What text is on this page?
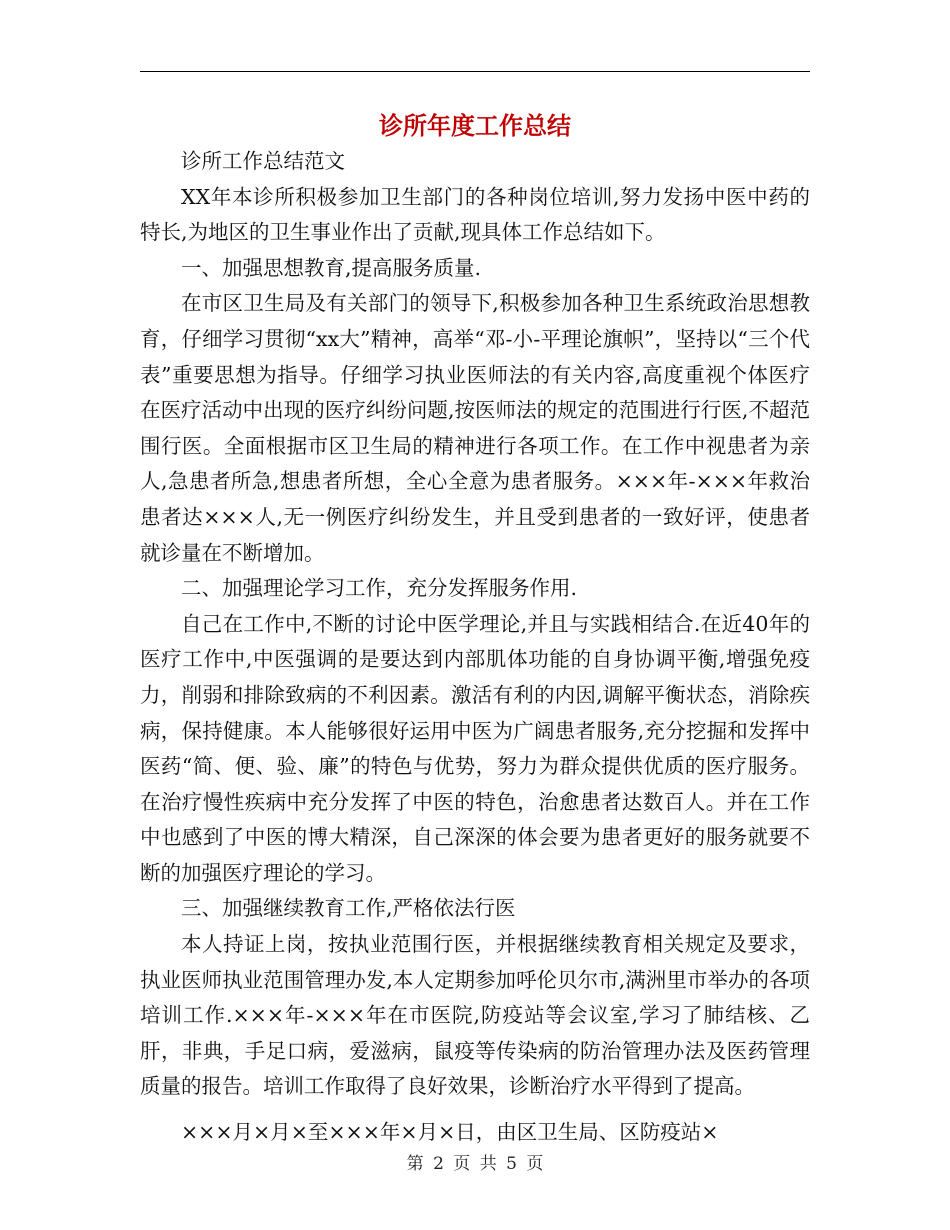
诊所年度工作总结

诊所工作总结范文

XX年本诊所积极参加卫生部门的各种岗位培训,努力发扬中医中药的特长,为地区的卫生事业作出了贡献,现具体工作总结如下。

一、加强思想教育,提高服务质量.

在市区卫生局及有关部门的领导下,积极参加各种卫生系统政治思想教育，仔细学习贯彻“xx大”精神，高举“邓-小-平理论旗帜”，坚持以“三个代表”重要思想为指导。仔细学习执业医师法的有关内容,高度重视个体医疗在医疗活动中出现的医疗纠纷问题,按医师法的规定的范围进行行医,不超范围行医。全面根据市区卫生局的精神进行各项工作。在工作中视患者为亲人,急患者所急,想患者所想，全心全意为患者服务。×××年-×××年救治患者达×××人,无一例医疗纠纷发生，并且受到患者的一致好评，使患者就诊量在不断增加。

二、加强理论学习工作，充分发挥服务作用.

自己在工作中,不断的讨论中医学理论,并且与实践相结合.在近40年的医疗工作中,中医强调的是要达到内部肌体功能的自身协调平衡,增强免疫力，削弱和排除致病的不利因素。激活有利的内因,调解平衡状态，消除疾病，保持健康。本人能够很好运用中医为广阔患者服务,充分挖掘和发挥中医药“简、便、验、廉”的特色与优势，努力为群众提供优质的医疗服务。在治疗慢性疾病中充分发挥了中医的特色，治愈患者达数百人。并在工作中也感到了中医的博大精深，自己深深的体会要为患者更好的服务就要不断的加强医疗理论的学习。

三、加强继续教育工作,严格依法行医

本人持证上岗，按执业范围行医，并根据继续教育相关规定及要求，执业医师执业范围管理办发,本人定期参加呼伦贝尔市,满洲里市举办的各项培训工作.×××年-×××年在市医院,防疫站等会议室,学习了肺结核、乙肝，非典，手足口病，爱滋病，鼠疫等传染病的防治管理办法及医药管理质量的报告。培训工作取得了良好效果，诊断治疗水平得到了提高。

×××月×月×至×××年×月×日，由区卫生局、区防疫站×

第 2 页 共 5 页
